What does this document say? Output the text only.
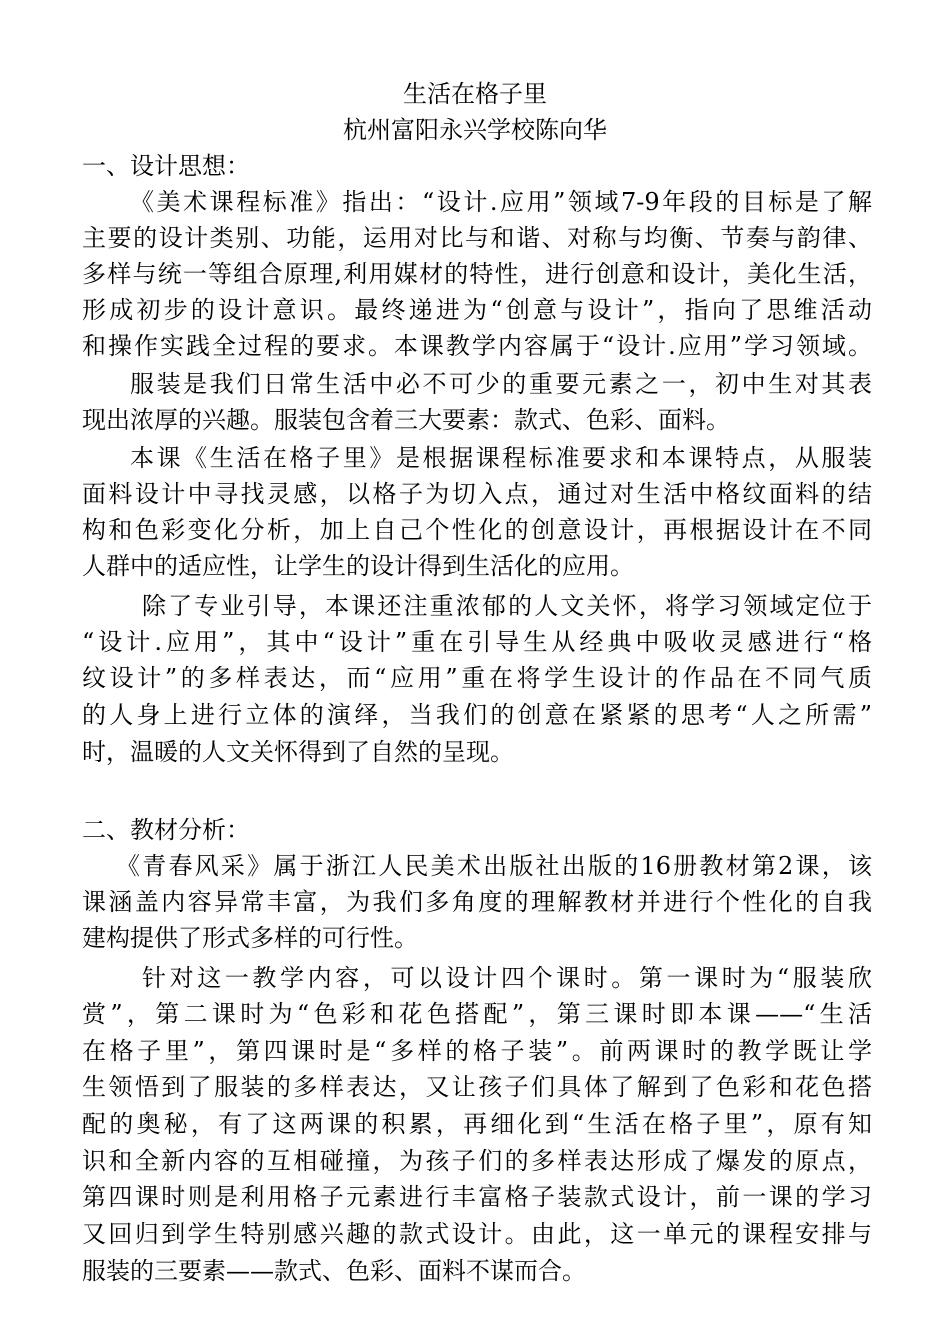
生活在格子里
杭州富阳永兴学校陈向华
一、设计思想：
《美术课程标准》指出：“设计.应用”领域7-9年段的目标是了解
主要的设计类别、功能，运用对比与和谐、对称与均衡、节奏与韵律、
多样与统一等组合原理,利用媒材的特性，进行创意和设计，美化生活，
形成初步的设计意识。最终递进为“创意与设计”，指向了思维活动
和操作实践全过程的要求。本课教学内容属于“设计.应用”学习领域。
服装是我们日常生活中必不可少的重要元素之一，初中生对其表
现出浓厚的兴趣。服装包含着三大要素：款式、色彩、面料。
本课《生活在格子里》是根据课程标准要求和本课特点，从服装
面料设计中寻找灵感，以格子为切入点，通过对生活中格纹面料的结
构和色彩变化分析，加上自己个性化的创意设计，再根据设计在不同
人群中的适应性，让学生的设计得到生活化的应用。
除了专业引导，本课还注重浓郁的人文关怀，将学习领域定位于
“设计.应用”，其中“设计”重在引导生从经典中吸收灵感进行“格
纹设计”的多样表达，而“应用”重在将学生设计的作品在不同气质
的人身上进行立体的演绎，当我们的创意在紧紧的思考“人之所需”
时，温暖的人文关怀得到了自然的呈现。
二、教材分析：
《青春风采》属于浙江人民美术出版社出版的16册教材第2课，该
课涵盖内容异常丰富，为我们多角度的理解教材并进行个性化的自我
建构提供了形式多样的可行性。
针对这一教学内容，可以设计四个课时。第一课时为“服装欣
赏”，第二课时为“色彩和花色搭配”，第三课时即本课——“生活
在格子里”，第四课时是“多样的格子装”。前两课时的教学既让学
生领悟到了服装的多样表达，又让孩子们具体了解到了色彩和花色搭
配的奥秘，有了这两课的积累，再细化到“生活在格子里”，原有知
识和全新内容的互相碰撞，为孩子们的多样表达形成了爆发的原点，
第四课时则是利用格子元素进行丰富格子装款式设计，前一课的学习
又回归到学生特别感兴趣的款式设计。由此，这一单元的课程安排与
服装的三要素——款式、色彩、面料不谋而合。
